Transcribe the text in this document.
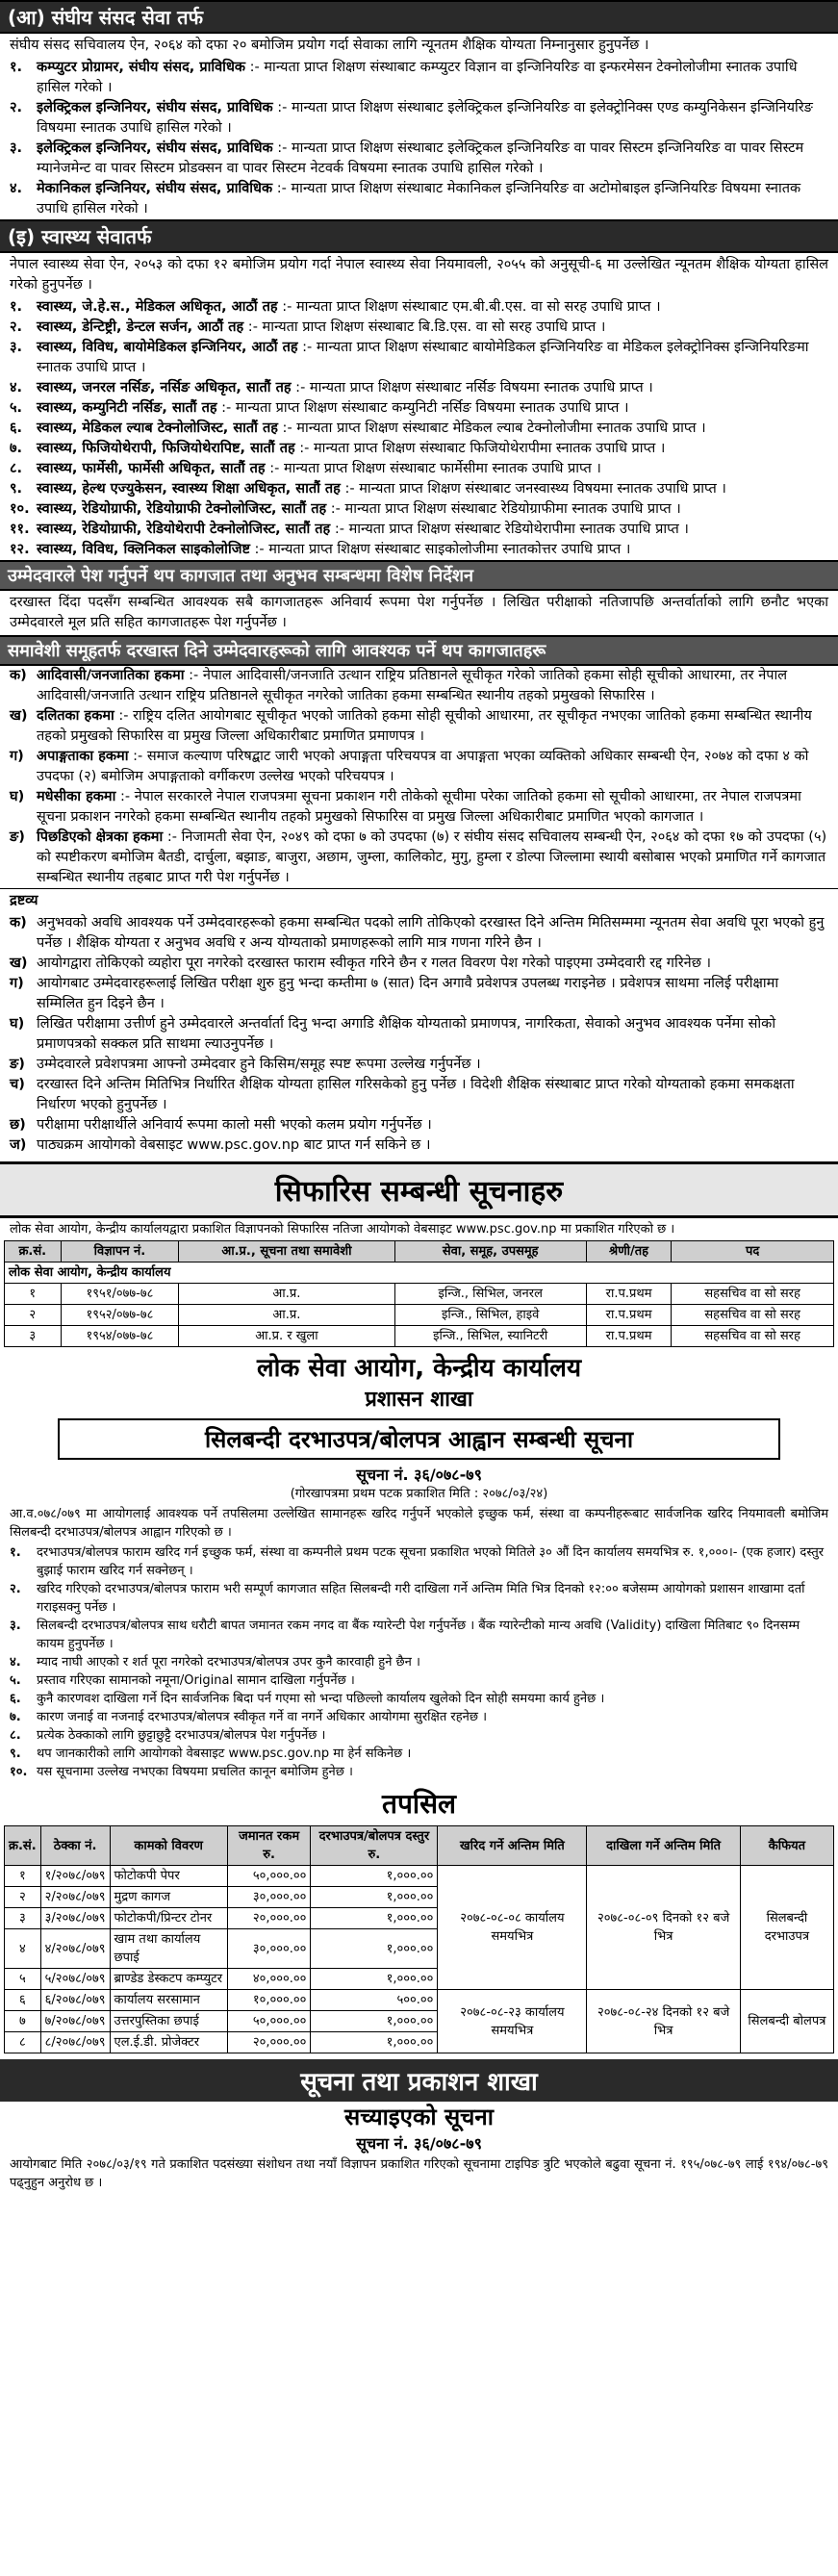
(आ) संघीय संसद सेवा तर्फ
संघीय संसद सचिवालय ऐन, २०६४ को दफा २० बमोजिम प्रयोग गर्दा सेवाका लागि न्यूनतम शैक्षिक योग्यता निम्नानुसार हुनुपर्नेछ ।
१.	कम्प्युटर प्रोग्रामर, संघीय संसद, प्राविधिक :- मान्यता प्राप्त शिक्षण संस्थाबाट कम्प्युटर विज्ञान वा इन्जिनियरिङ वा इन्फरमेसन टेक्नोलोजीमा स्नातक उपाधि हासिल गरेको ।
२.	इलेक्ट्रिकल इन्जिनियर, संघीय संसद, प्राविधिक :- मान्यता प्राप्त शिक्षण संस्थाबाट इलेक्ट्रिकल इन्जिनियरिङ वा इलेक्ट्रोनिक्स एण्ड कम्युनिकेसन इन्जिनियरिङ विषयमा स्नातक उपाधि हासिल गरेको ।
३.	इलेक्ट्रिकल इन्जिनियर, संघीय संसद, प्राविधिक :- मान्यता प्राप्त शिक्षण संस्थाबाट इलेक्ट्रिकल इन्जिनियरिङ वा पावर सिस्टम इन्जिनियरिङ वा पावर सिस्टम म्यानेजमेन्ट वा पावर सिस्टम प्रोडक्सन वा पावर सिस्टम नेटवर्क विषयमा स्नातक उपाधि हासिल गरेको ।
४.	मेकानिकल इन्जिनियर, संघीय संसद, प्राविधिक :- मान्यता प्राप्त शिक्षण संस्थाबाट मेकानिकल इन्जिनियरिङ वा अटोमोबाइल इन्जिनियरिङ विषयमा स्नातक उपाधि हासिल गरेको ।
(इ) स्वास्थ्य सेवातर्फ
नेपाल स्वास्थ्य सेवा ऐन, २०५३ को दफा १२ बमोजिम प्रयोग गर्दा नेपाल स्वास्थ्य सेवा नियमावली, २०५५ को अनुसूची-६ मा उल्लेखित न्यूनतम शैक्षिक योग्यता हासिल गरेको हुनुपर्नेछ ।
१.	स्वास्थ्य, जे.हे.स., मेडिकल अधिकृत, आठौं तह :- मान्यता प्राप्त शिक्षण संस्थाबाट एम.बी.बी.एस. वा सो सरह उपाधि प्राप्त ।
२.	स्वास्थ्य, डेन्टिष्ट्री, डेन्टल सर्जन, आठौं तह :- मान्यता प्राप्त शिक्षण संस्थाबाट बि.डि.एस. वा सो सरह उपाधि प्राप्त ।
३.	स्वास्थ्य, विविध, बायोमेडिकल इन्जिनियर, आठौं तह :- मान्यता प्राप्त शिक्षण संस्थाबाट बायोमेडिकल इन्जिनियरिङ वा मेडिकल इलेक्ट्रोनिक्स इन्जिनियरिङमा स्नातक उपाधि प्राप्त ।
४.	स्वास्थ्य, जनरल नर्सिङ, नर्सिङ अधिकृत, सातौं तह :- मान्यता प्राप्त शिक्षण संस्थाबाट नर्सिङ विषयमा स्नातक उपाधि प्राप्त ।
५.	स्वास्थ्य, कम्युनिटी नर्सिङ, सातौं तह :- मान्यता प्राप्त शिक्षण संस्थाबाट कम्युनिटी नर्सिङ विषयमा स्नातक उपाधि प्राप्त ।
६.	स्वास्थ्य, मेडिकल ल्याब टेक्नोलोजिस्ट, सातौं तह :- मान्यता प्राप्त शिक्षण संस्थाबाट मेडिकल ल्याब टेक्नोलोजीमा स्नातक उपाधि प्राप्त ।
७.	स्वास्थ्य, फिजियोथेरापी, फिजियोथेरापिष्ट, सातौं तह :- मान्यता प्राप्त शिक्षण संस्थाबाट फिजियोथेरापीमा स्नातक उपाधि प्राप्त ।
८.	स्वास्थ्य, फार्मेसी, फार्मेसी अधिकृत, सातौं तह :- मान्यता प्राप्त शिक्षण संस्थाबाट फार्मेसीमा स्नातक उपाधि प्राप्त ।
९.	स्वास्थ्य, हेल्थ एज्युकेसन, स्वास्थ्य शिक्षा अधिकृत, सातौं तह :- मान्यता प्राप्त शिक्षण संस्थाबाट जनस्वास्थ्य विषयमा स्नातक उपाधि प्राप्त ।
१०. स्वास्थ्य, रेडियोग्राफी, रेडियोग्राफी टेक्नोलोजिस्ट, सातौं तह :- मान्यता प्राप्त शिक्षण संस्थाबाट रेडियोग्राफीमा स्नातक उपाधि प्राप्त ।
११. स्वास्थ्य, रेडियोग्राफी, रेडियोथेरापी टेक्नोलोजिस्ट, सातौं तह :- मान्यता प्राप्त शिक्षण संस्थाबाट रेडियोथेरापीमा स्नातक उपाधि प्राप्त ।
१२. स्वास्थ्य, विविध, क्लिनिकल साइकोलोजिष्ट :- मान्यता प्राप्त शिक्षण संस्थाबाट साइकोलोजीमा स्नातकोत्तर उपाधि प्राप्त ।
उम्मेदवारले पेश गर्नुपर्ने थप कागजात तथा अनुभव सम्बन्धमा विशेष निर्देशन
दरखास्त दिंदा पदसँग सम्बन्धित आवश्यक सबै कागजातहरू अनिवार्य रूपमा पेश गर्नुपर्नेछ । लिखित परीक्षाको नतिजापछि अन्तर्वार्ताको लागि छनौट भएका उम्मेदवारले मूल प्रति सहित कागजातहरू पेश गर्नुपर्नेछ ।
समावेशी समूहतर्फ दरखास्त दिने उम्मेदवारहरूको लागि आवश्यक पर्ने थप कागजातहरू
क) आदिवासी/जनजातिका हकमा :- नेपाल आदिवासी/जनजाति उत्थान राष्ट्रिय प्रतिष्ठानले सूचीकृत गरेको जातिको हकमा सोही सूचीको आधारमा, तर नेपाल आदिवासी/जनजाति उत्थान राष्ट्रिय प्रतिष्ठानले सूचीकृत नगरेको जातिका हकमा सम्बन्धित स्थानीय तहको प्रमुखको सिफारिस ।
ख) दलितका हकमा :- राष्ट्रिय दलित आयोगबाट सूचीकृत भएको जातिको हकमा सोही सूचीको आधारमा, तर सूचीकृत नभएका जातिको हकमा सम्बन्धित स्थानीय तहको प्रमुखको सिफारिस वा प्रमुख जिल्ला अधिकारीबाट प्रमाणित प्रमाणपत्र ।
ग) अपाङ्गताका हकमा :- समाज कल्याण परिषद्बाट जारी भएको अपाङ्गता परिचयपत्र वा अपाङ्गता भएका व्यक्तिको अधिकार सम्बन्धी ऐन, २०७४ को दफा ४ को उपदफा (२) बमोजिम अपाङ्गताको वर्गीकरण उल्लेख भएको परिचयपत्र ।
घ) मधेसीका हकमा :- नेपाल सरकारले नेपाल राजपत्रमा सूचना प्रकाशन गरी तोकेको सूचीमा परेका जातिको हकमा सो सूचीको आधारमा, तर नेपाल राजपत्रमा सूचना प्रकाशन नगरेको हकमा सम्बन्धित स्थानीय तहको प्रमुखको सिफारिस वा प्रमुख जिल्ला अधिकारीबाट प्रमाणित भएको कागजात ।
ङ) पिछडिएको क्षेत्रका हकमा :- निजामती सेवा ऐन, २०४९ को दफा ७ को उपदफा (७) र संघीय संसद सचिवालय सम्बन्धी ऐन, २०६४ को दफा १७ को उपदफा (५) को स्पष्टीकरण बमोजिम बैतडी, दार्चुला, बझाङ, बाजुरा, अछाम, जुम्ला, कालिकोट, मुगु, हुम्ला र डोल्पा जिल्लामा स्थायी बसोबास भएको प्रमाणित गर्ने कागजात सम्बन्धित स्थानीय तहबाट प्राप्त गरी पेश गर्नुपर्नेछ ।
द्रष्टव्य
क) अनुभवको अवधि आवश्यक पर्ने उम्मेदवारहरूको हकमा सम्बन्धित पदको लागि तोकिएको दरखास्त दिने अन्तिम मितिसम्ममा न्यूनतम सेवा अवधि पूरा भएको हुनु पर्नेछ । शैक्षिक योग्यता र अनुभव अवधि र अन्य योग्यताको प्रमाणहरूको लागि मात्र गणना गरिने छैन ।
ख) आयोगद्वारा तोकिएको व्यहोरा पूरा नगरेको दरखास्त फाराम स्वीकृत गरिने छैन र गलत विवरण पेश गरेको पाइएमा उम्मेदवारी रद्द गरिनेछ ।
ग) आयोगबाट उम्मेदवारहरूलाई लिखित परीक्षा शुरु हुनु भन्दा कम्तीमा ७ (सात) दिन अगावै प्रवेशपत्र उपलब्ध गराइनेछ । प्रवेशपत्र साथमा नलिई परीक्षामा सम्मिलित हुन दिइने छैन ।
घ) लिखित परीक्षामा उत्तीर्ण हुने उम्मेदवारले अन्तर्वार्ता दिनु भन्दा अगाडि शैक्षिक योग्यताको प्रमाणपत्र, नागरिकता, सेवाको अनुभव आवश्यक पर्नेमा सोको प्रमाणपत्रको सक्कल प्रति साथमा ल्याउनुपर्नेछ ।
ङ) उम्मेदवारले प्रवेशपत्रमा आफ्नो उम्मेदवार हुने किसिम/समूह स्पष्ट रूपमा उल्लेख गर्नुपर्नेछ ।
च) दरखास्त दिने अन्तिम मितिभित्र निर्धारित शैक्षिक योग्यता हासिल गरिसकेको हुनु पर्नेछ । विदेशी शैक्षिक संस्थाबाट प्राप्त गरेको योग्यताको हकमा समकक्षता निर्धारण भएको हुनुपर्नेछ ।
छ) परीक्षामा परीक्षार्थीले अनिवार्य रूपमा कालो मसी भएको कलम प्रयोग गर्नुपर्नेछ ।
ज) पाठ्यक्रम आयोगको वेबसाइट www.psc.gov.np बाट प्राप्त गर्न सकिने छ ।
सिफारिस सम्बन्धी सूचनाहरु
लोक सेवा आयोग, केन्द्रीय कार्यालयद्वारा प्रकाशित विज्ञापनको सिफारिस नतिजा आयोगको वेबसाइट www.psc.gov.np मा प्रकाशित गरिएको छ ।
क्र.सं.	विज्ञापन नं.	आ.प्र., सूचना तथा समावेशी	सेवा, समूह, उपसमूह	श्रेणी/तह	पद
लोक सेवा आयोग, केन्द्रीय कार्यालय					
१	१९५१/०७७-७८	आ.प्र.	इन्जि., सिभिल, जनरल	रा.प.प्रथम	सहसचिव वा सो सरह
२	१९५२/०७७-७८	आ.प्र.	इन्जि., सिभिल, हाइवे	रा.प.प्रथम	सहसचिव वा सो सरह
३	१९५४/०७७-७८	आ.प्र. र खुला	इन्जि., सिभिल, स्यानिटरी	रा.प.प्रथम	सहसचिव वा सो सरह
लोक सेवा आयोग, केन्द्रीय कार्यालय
प्रशासन शाखा
सिलबन्दी दरभाउपत्र/बोलपत्र आह्वान सम्बन्धी सूचना
सूचना नं. ३६/०७८-७९
(गोरखापत्रमा प्रथम पटक प्रकाशित मिति : २०७८/०३/२४)
आ.व.०७८/०७९ मा आयोगलाई आवश्यक पर्ने तपसिलमा उल्लेखित सामानहरू खरिद गर्नुपर्ने भएकोले इच्छुक फर्म, संस्था वा कम्पनीहरूबाट सार्वजनिक खरिद नियमावली बमोजिम सिलबन्दी दरभाउपत्र/बोलपत्र आह्वान गरिएको छ ।
१.	दरभाउपत्र/बोलपत्र फाराम खरिद गर्न इच्छुक फर्म, संस्था वा कम्पनीले प्रथम पटक सूचना प्रकाशित भएको मितिले ३० औं दिन कार्यालय समयभित्र रु. १,०००।- (एक हजार) दस्तुर बुझाई फाराम खरिद गर्न सक्नेछन् ।
२.	खरिद गरिएको दरभाउपत्र/बोलपत्र फाराम भरी सम्पूर्ण कागजात सहित सिलबन्दी गरी दाखिला गर्ने अन्तिम मिति भित्र दिनको १२:०० बजेसम्म आयोगको प्रशासन शाखामा दर्ता गराइसक्नु पर्नेछ ।
३.	सिलबन्दी दरभाउपत्र/बोलपत्र साथ धरौटी बापत जमानत रकम नगद वा बैंक ग्यारेन्टी पेश गर्नुपर्नेछ । बैंक ग्यारेन्टीको मान्य अवधि (Validity) दाखिला मितिबाट ९० दिनसम्म कायम हुनुपर्नेछ ।
४.	म्याद नाघी आएको र शर्त पूरा नगरेको दरभाउपत्र/बोलपत्र उपर कुनै कारवाही हुने छैन ।
५.	प्रस्ताव गरिएका सामानको नमूना/Original सामान दाखिला गर्नुपर्नेछ ।
६.	कुनै कारणवश दाखिला गर्ने दिन सार्वजनिक बिदा पर्न गएमा सो भन्दा पछिल्लो कार्यालय खुलेको दिन सोही समयमा कार्य हुनेछ ।
७.	कारण जनाई वा नजनाई दरभाउपत्र/बोलपत्र स्वीकृत गर्ने वा नगर्ने अधिकार आयोगमा सुरक्षित रहनेछ ।
८.	प्रत्येक ठेक्काको लागि छुट्टाछुट्टै दरभाउपत्र/बोलपत्र पेश गर्नुपर्नेछ ।
९.	थप जानकारीको लागि आयोगको वेबसाइट www.psc.gov.np मा हेर्न सकिनेछ ।
१०. यस सूचनामा उल्लेख नभएका विषयमा प्रचलित कानून बमोजिम हुनेछ ।
तपसिल
क्र.सं.	ठेक्का नं.	कामको विवरण	जमानत रकम रु.	दरभाउपत्र/बोलपत्र दस्तुर रु.	खरिद गर्ने अन्तिम मिति	दाखिला गर्ने अन्तिम मिति	कैफियत
१	१/२०७८/०७९	फोटोकपी पेपर	५०,०००.००	१,०००.००	२०७८-०८-०८ कार्यालय समयभित्र	२०७८-०८-०९ दिनको १२ बजे भित्र	सिलबन्दी दरभाउपत्र
२	२/२०७८/०७९	मुद्रण कागज	३०,०००.००	१,०००.००			
३	३/२०७८/०७९	फोटोकपी/प्रिन्टर टोनर	२०,०००.००	१,०००.००			
४	४/२०७८/०७९	खाम तथा कार्यालय छपाई	३०,०००.००	१,०००.००			
५	५/२०७८/०७९	ब्राण्डेड डेस्कटप कम्प्युटर	४०,०००.००	१,०००.००			
६	६/२०७८/०७९	कार्यालय सरसामान	१०,०००.००	५००.००	२०७८-०८-२३ कार्यालय समयभित्र	२०७८-०८-२४ दिनको १२ बजे भित्र	सिलबन्दी बोलपत्र
७	७/२०७८/०७९	उत्तरपुस्तिका छपाई	५०,०००.००	१,०००.००			
८	८/२०७८/०७९	एल.ई.डी. प्रोजेक्टर	२०,०००.००	१,०००.००			
सूचना तथा प्रकाशन शाखा
सच्याइएको सूचना
सूचना नं. ३६/०७८-७९
आयोगबाट मिति २०७८/०३/१९ गते प्रकाशित पदसंख्या संशोधन तथा नयाँ विज्ञापन प्रकाशित गरिएको सूचनामा टाइपिङ त्रुटि भएकोले बढुवा सूचना नं. १९५/०७८-७९ लाई १९४/०७८-७९ पढ्नुहुन अनुरोध छ ।
